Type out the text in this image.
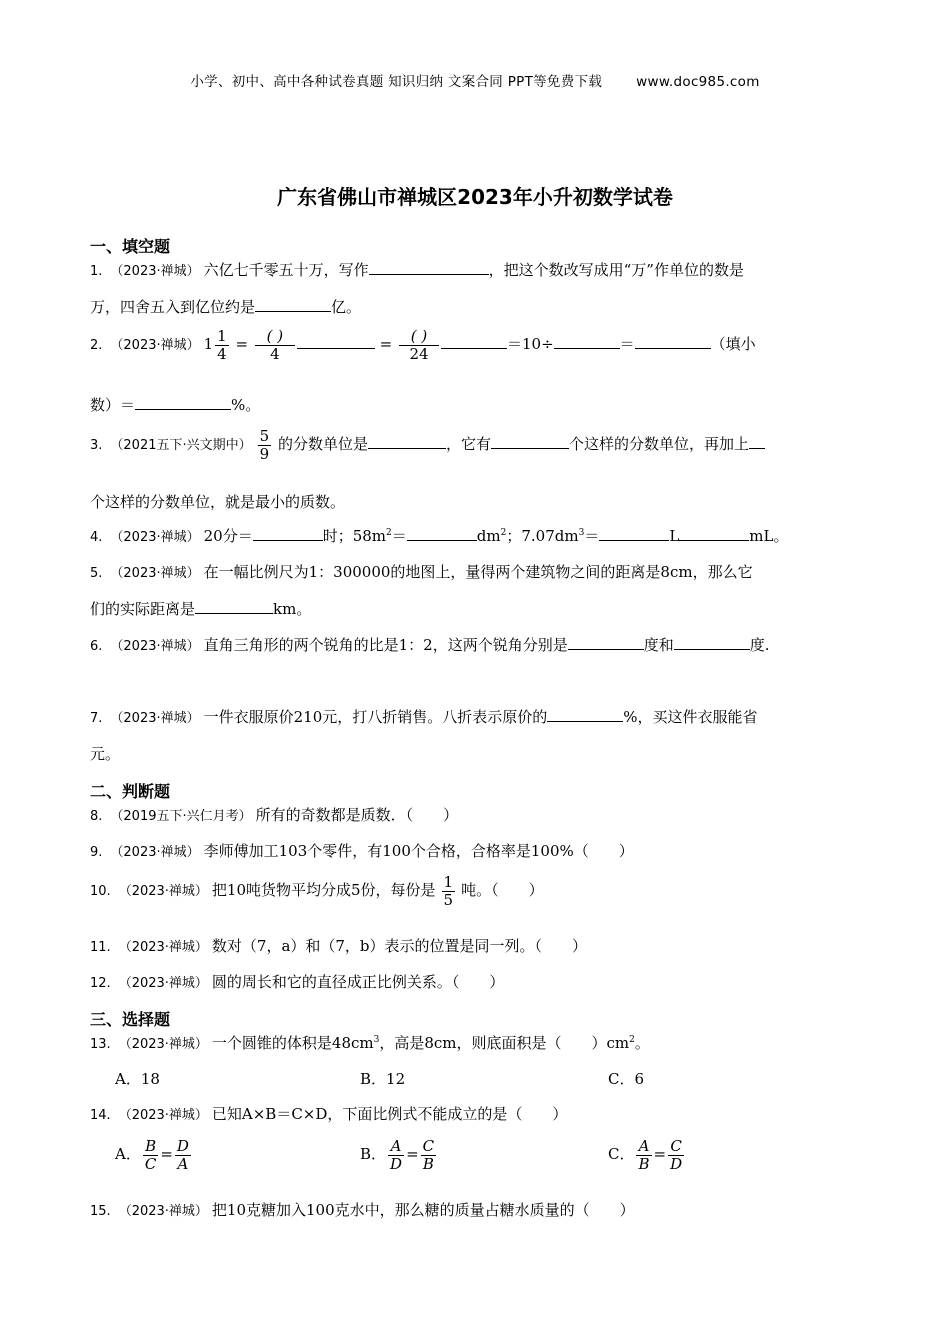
小学、初中、高中各种试卷真题 知识归纳 文案合同 PPT等免费下载	www.doc985.com
广东省佛山市禅城区2023年小升初数学试卷
一、填空题
1. （2023·禅城） 六亿七千零五十万，写作	，把这个数改写成用“万”作单位的数是
万，四舍五入到亿位约是	亿。
2. （2023·禅城） $1 \frac{1}{4}$ =	( )
4
=	( )
24
＝10÷	＝	（填小
数）＝	%。
3. （2021五下·兴文期中） $\frac{5}{9}$ 的分数单位是	，它有	个这样的分数单位，再加上
个这样的分数单位，就是最小的质数。
4. （2023·禅城） 20分＝	时；$58m^2=$	$dm^2$；$7.07dm^3=$	L	mL。
5. （2023·禅城） 在一幅比例尺为1：300000的地图上，量得两个建筑物之间的距离是8cm，那么它
们的实际距离是	km。
6. （2023·禅城） 直角三角形的两个锐角的比是1：2，这两个锐角分别是	度和	度.
7. （2023·禅城） 一件衣服原价210元，打八折销售。八折表示原价的	%，买这件衣服能省
元。
二、判断题
8. （2019五下·兴仁月考） 所有的奇数都是质数．（　　）
9. （2023·禅城） 李师傅加工103个零件，有100个合格，合格率是100%（　　）
10. （2023·禅城） 把10吨货物平均分成5份，每份是 $\frac{1}{5}$ 吨。（　　）
11. （2023·禅城） 数对（7，a）和（7，b）表示的位置是同一列。（　　）
12. （2023·禅城） 圆的周长和它的直径成正比例关系。（　　）
三、选择题
13. （2023·禅城） 一个圆锥的体积是$48cm^3$，高是8cm，则底面积是（　　）$cm^2$。
A．18	B．12	C．6
14. （2023·禅城） 已知A×B＝C×D，下面比例式不能成立的是（　　）
A． $\frac{B}{C} = \frac{D}{A}$	B． $\frac{A}{D} = \frac{C}{B}$	C． $\frac{A}{B} = \frac{C}{D}$
15. （2023·禅城） 把10克糖加入100克水中，那么糖的质量占糖水质量的（　　）
